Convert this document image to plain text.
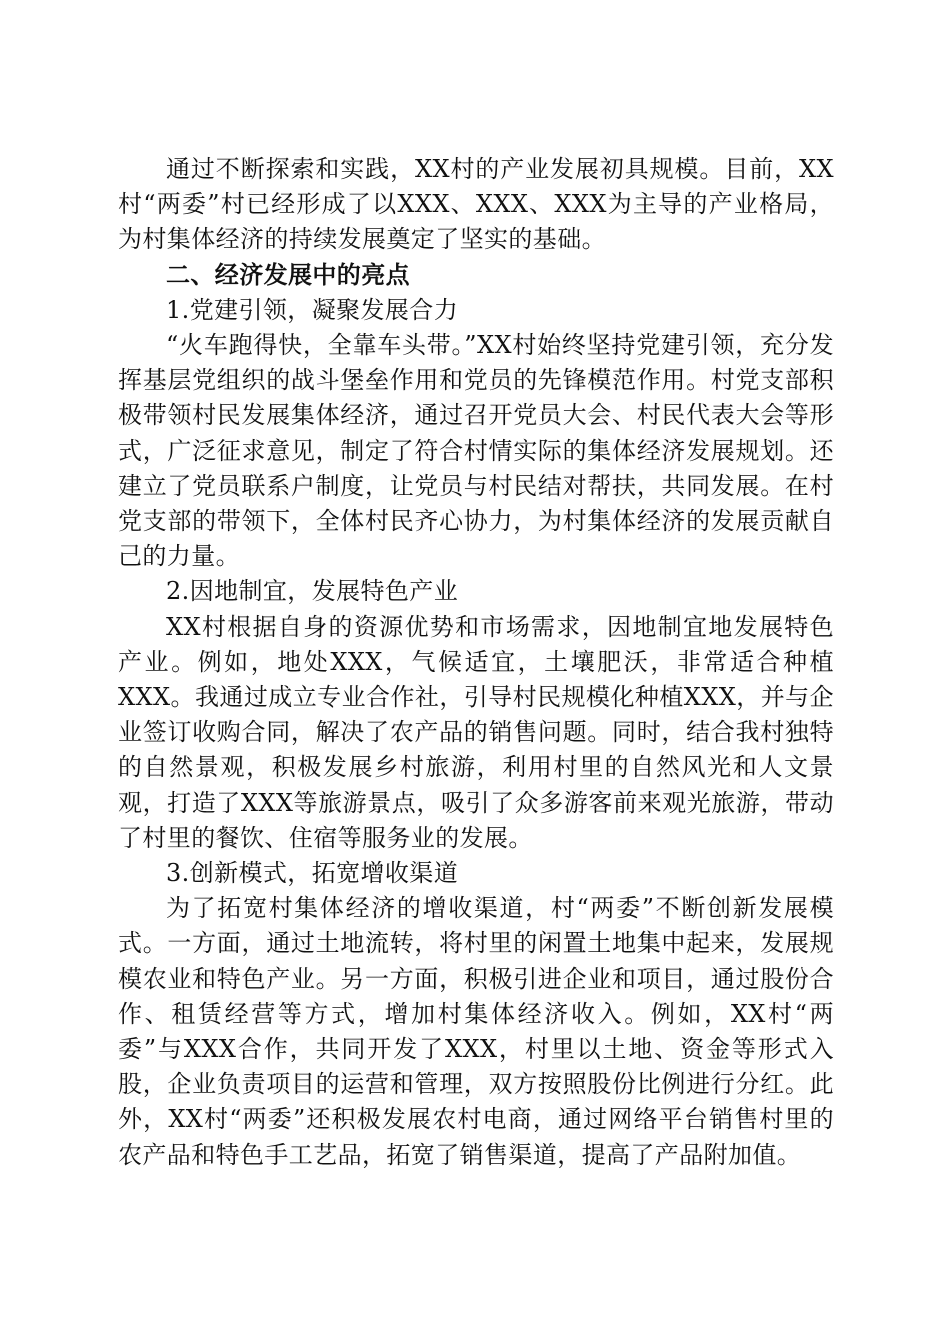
通过不断探索和实践，XX村的产业发展初具规模。目前，XX村“两委”村已经形成了以XXX、XXX、XXX为主导的产业格局，为村集体经济的持续发展奠定了坚实的基础。

二、经济发展中的亮点

1.党建引领，凝聚发展合力

“火车跑得快，全靠车头带。”XX村始终坚持党建引领，充分发挥基层党组织的战斗堡垒作用和党员的先锋模范作用。村党支部积极带领村民发展集体经济，通过召开党员大会、村民代表大会等形式，广泛征求意见，制定了符合村情实际的集体经济发展规划。还建立了党员联系户制度，让党员与村民结对帮扶，共同发展。在村党支部的带领下，全体村民齐心协力，为村集体经济的发展贡献自己的力量。

2.因地制宜，发展特色产业

XX村根据自身的资源优势和市场需求，因地制宜地发展特色产业。例如，地处XXX，气候适宜，土壤肥沃，非常适合种植XXX。我通过成立专业合作社，引导村民规模化种植XXX，并与企业签订收购合同，解决了农产品的销售问题。同时，结合我村独特的自然景观，积极发展乡村旅游，利用村里的自然风光和人文景观，打造了XXX等旅游景点，吸引了众多游客前来观光旅游，带动了村里的餐饮、住宿等服务业的发展。

3.创新模式，拓宽增收渠道

为了拓宽村集体经济的增收渠道，村“两委”不断创新发展模式。一方面，通过土地流转，将村里的闲置土地集中起来，发展规模农业和特色产业。另一方面，积极引进企业和项目，通过股份合作、租赁经营等方式，增加村集体经济收入。例如，XX村“两委”与XXX合作，共同开发了XXX，村里以土地、资金等形式入股，企业负责项目的运营和管理，双方按照股份比例进行分红。此外，XX村“两委”还积极发展农村电商，通过网络平台销售村里的农产品和特色手工艺品，拓宽了销售渠道，提高了产品附加值。
